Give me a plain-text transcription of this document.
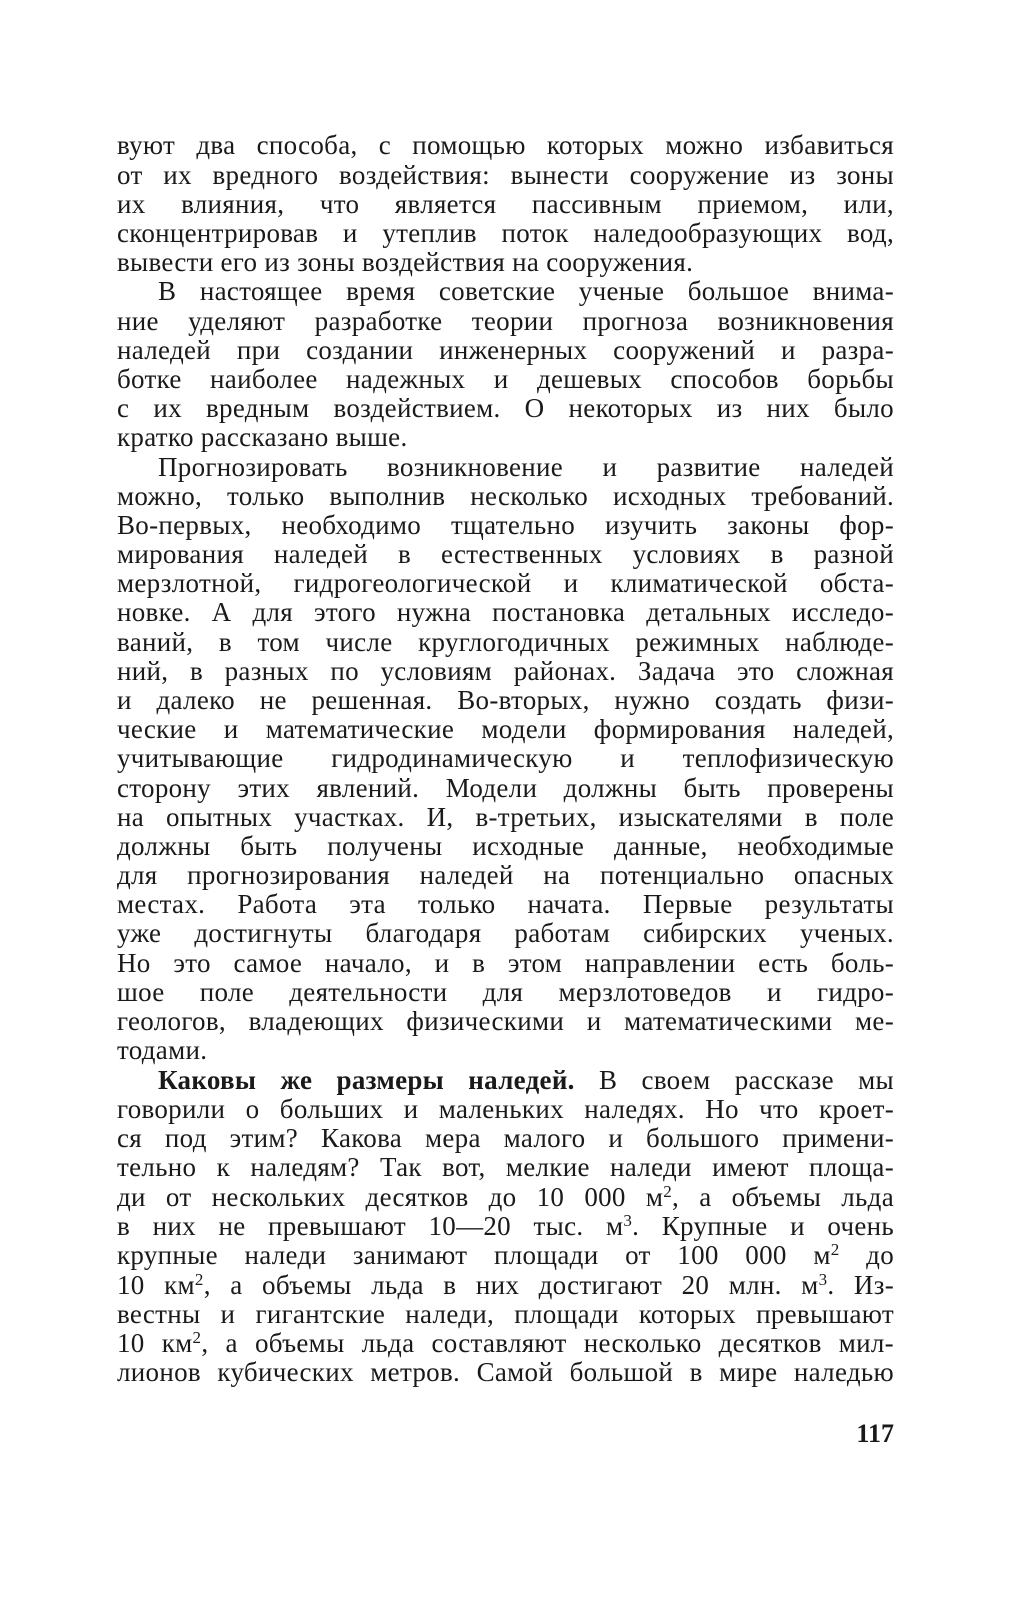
вуют два способа, с помощью которых можно избавиться
от их вредного воздействия: вынести сооружение из зоны
их влияния, что является пассивным приемом, или,
сконцентрировав и утеплив поток наледообразующих вод,
вывести его из зоны воздействия на сооружения.
В настоящее время советские ученые большое внима-
ние уделяют разработке теории прогноза возникновения
наледей при создании инженерных сооружений и разра-
ботке наиболее надежных и дешевых способов борьбы
с их вредным воздействием. О некоторых из них было
кратко рассказано выше.
Прогнозировать возникновение и развитие наледей
можно, только выполнив несколько исходных требований.
Во-первых, необходимо тщательно изучить законы фор-
мирования наледей в естественных условиях в разной
мерзлотной, гидрогеологической и климатической обста-
новке. А для этого нужна постановка детальных исследо-
ваний, в том числе круглогодичных режимных наблюде-
ний, в разных по условиям районах. Задача это сложная
и далеко не решенная. Во-вторых, нужно создать физи-
ческие и математические модели формирования наледей,
учитывающие гидродинамическую и теплофизическую
сторону этих явлений. Модели должны быть проверены
на опытных участках. И, в-третьих, изыскателями в поле
должны быть получены исходные данные, необходимые
для прогнозирования наледей на потенциально опасных
местах. Работа эта только начата. Первые результаты
уже достигнуты благодаря работам сибирских ученых.
Но это самое начало, и в этом направлении есть боль-
шое поле деятельности для мерзлотоведов и гидро-
геологов, владеющих физическими и математическими ме-
тодами.
Каковы же размеры наледей. В своем рассказе мы
говорили о больших и маленьких наледях. Но что кроет-
ся под этим? Какова мера малого и большого примени-
тельно к наледям? Так вот, мелкие наледи имеют площа-
ди от нескольких десятков до 10 000 $м^2$, а объемы льда
в них не превышают 10—20 тыс. $м^3$. Крупные и очень
крупные наледи занимают площади от 100 000 $м^2$ до
10 $км^2$, а объемы льда в них достигают 20 млн. $м^3$. Из-
вестны и гигантские наледи, площади которых превышают
10 $км^2$, а объемы льда составляют несколько десятков мил-
лионов кубических метров. Самой большой в мире наледью
117
